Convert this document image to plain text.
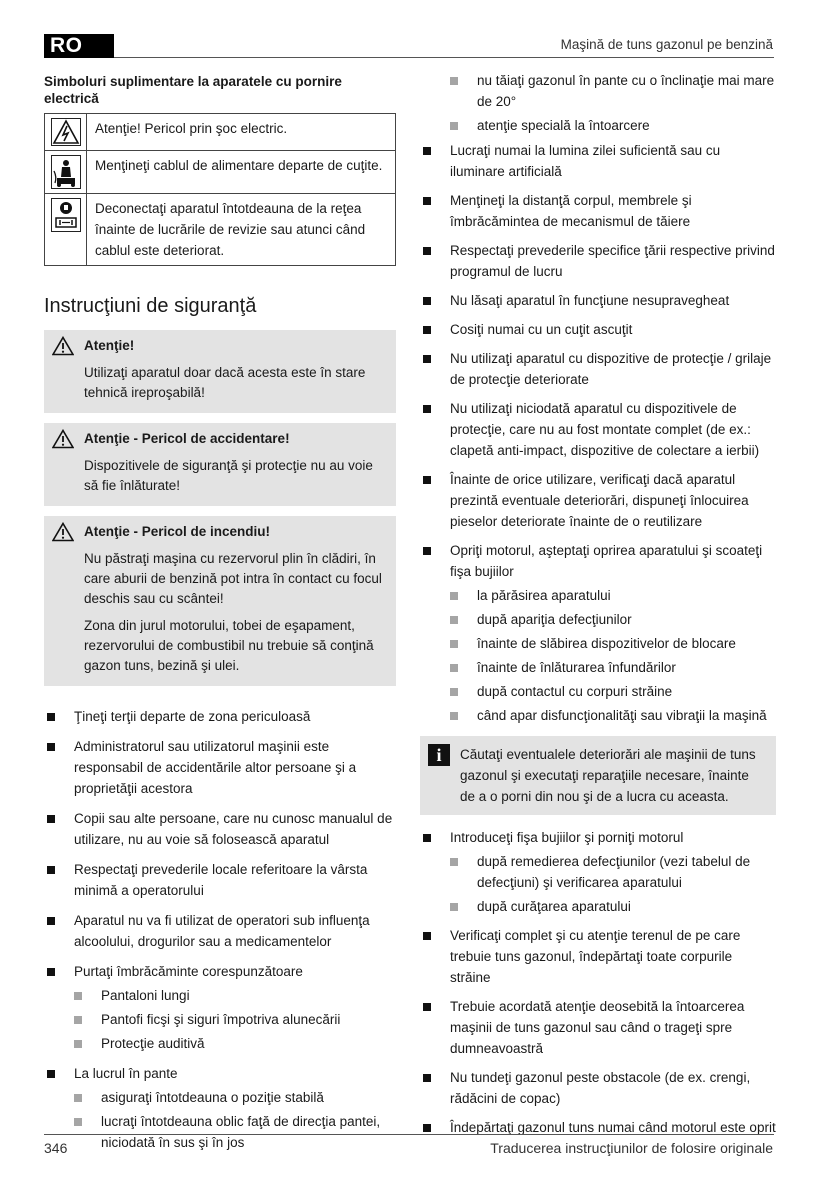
RO	Maşină de tuns gazonul pe benzină
Simboluri suplimentare la aparatele cu pornire electrică
Atenţie! Pericol prin şoc electric.
Menţineţi cablul de alimentare departe de cuţite.
Deconectaţi aparatul întotdeauna de la reţea înainte de lucrările de revizie sau atunci când cablul este deteriorat.
Instrucţiuni de siguranţă
Atenţie!
Utilizaţi aparatul doar dacă acesta este în stare tehnică ireproşabilă!
Atenţie - Pericol de accidentare!
Dispozitivele de siguranţă şi protecţie nu au voie să fie înlăturate!
Atenţie - Pericol de incendiu!
Nu păstraţi maşina cu rezervorul plin în clădiri, în care aburii de benzină pot intra în contact cu focul deschis sau cu scântei!
Zona din jurul motorului, tobei de eşapament, rezervorului de combustibil nu trebuie să conţină gazon tuns, bezină şi ulei.
Ţineţi terţii departe de zona periculoasă
Administratorul sau utilizatorul maşinii este responsabil de accidentările altor persoane şi a proprietăţii acestora
Copii sau alte persoane, care nu cunosc manualul de utilizare, nu au voie să folosească aparatul
Respectaţi prevederile locale referitoare la vârsta minimă a operatorului
Aparatul nu va fi utilizat de operatori sub influenţa alcoolului, drogurilor sau a medicamentelor
Purtaţi îmbrăcăminte corespunzătoare
Pantaloni lungi
Pantofi ficşi şi siguri împotriva alunecării
Protecţie auditivă
La lucrul în pante
asiguraţi întotdeauna o poziţie stabilă
lucraţi întotdeauna oblic faţă de direcţia pantei, niciodată în sus şi în jos
nu tăiaţi gazonul în pante cu o înclinaţie mai mare de 20°
atenţie specială la întoarcere
Lucraţi numai la lumina zilei suficientă sau cu iluminare artificială
Menţineţi la distanţă corpul, membrele şi îmbrăcămintea de mecanismul de tăiere
Respectaţi prevederile specifice ţării respective privind programul de lucru
Nu lăsaţi aparatul în funcţiune nesupravegheat
Cosiţi numai cu un cuţit ascuţit
Nu utilizaţi aparatul cu dispozitive de protecţie / grilaje de protecţie deteriorate
Nu utilizaţi niciodată aparatul cu dispozitivele de protecţie, care nu au fost montate complet (de ex.: clapetă anti-impact, dispozitive de colectare a ierbii)
Înainte de orice utilizare, verificaţi dacă aparatul prezintă eventuale deteriorări, dispuneţi înlocuirea pieselor deteriorate înainte de o reutilizare
Opriţi motorul, aşteptaţi oprirea aparatului şi scoateţi fişa bujiilor
la părăsirea aparatului
după apariţia defecţiunilor
înainte de slăbirea dispozitivelor de blocare
înainte de înlăturarea înfundărilor
după contactul cu corpuri străine
când apar disfuncţionalităţi sau vibraţii la maşină
i	Căutaţi eventualele deteriorări ale maşinii de tuns gazonul şi executaţi reparaţiile necesare, înainte de a o porni din nou şi de a lucra cu aceasta.
Introduceţi fişa bujiilor şi porniţi motorul
după remedierea defecţiunilor (vezi tabelul de defecţiuni) şi verificarea aparatului
după curăţarea aparatului
Verificaţi complet şi cu atenţie terenul de pe care trebuie tuns gazonul, îndepărtaţi toate corpurile străine
Trebuie acordată atenţie deosebită la întoarcerea maşinii de tuns gazonul sau când o trageţi spre dumneavoastră
Nu tundeţi gazonul peste obstacole (de ex. crengi, rădăcini de copac)
Îndepărtaţi gazonul tuns numai când motorul este oprit
346	Traducerea instrucţiunilor de folosire originale
